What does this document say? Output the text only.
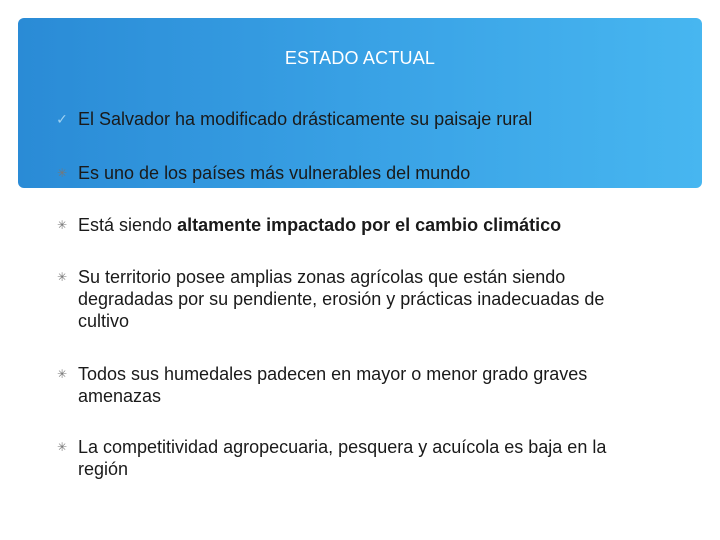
ESTADO ACTUAL
✓ El Salvador ha modificado drásticamente su paisaje rural
✳ Es uno de los países más vulnerables del mundo
✳ Está siendo altamente impactado por el cambio climático
✳ Su territorio posee amplias zonas agrícolas que están siendo degradadas por su pendiente, erosión y prácticas inadecuadas de cultivo
✳ Todos sus humedales padecen en mayor o menor grado graves amenazas
✳ La competitividad agropecuaria, pesquera y acuícola es baja en la región
